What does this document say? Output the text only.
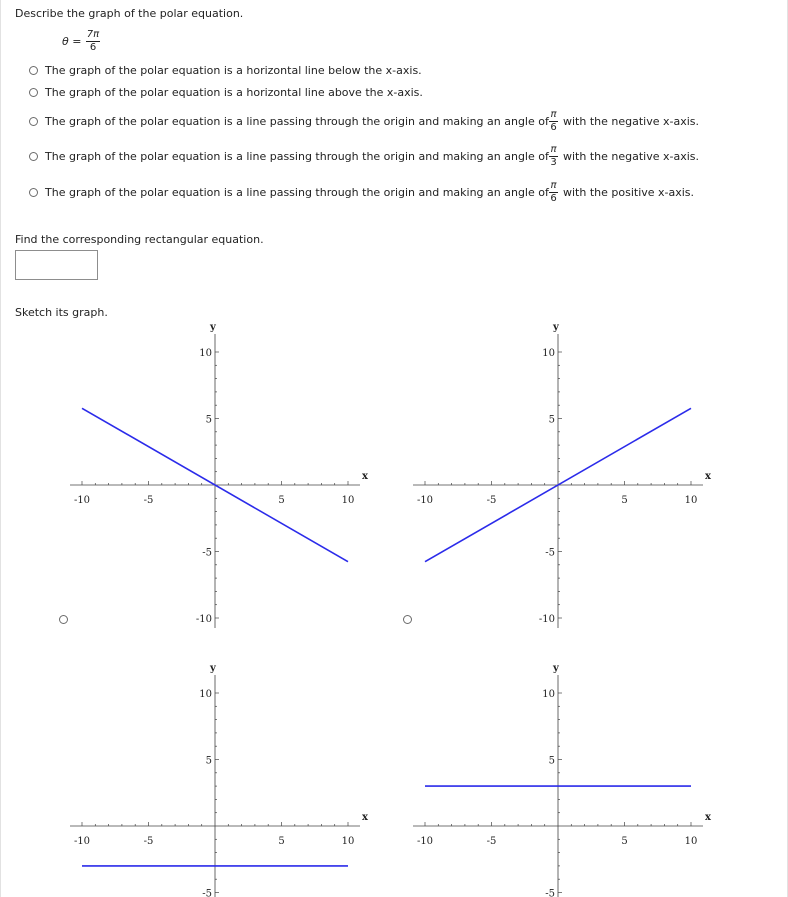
Describe the graph of the polar equation.
θ =
7π
6
The graph of the polar equation is a horizontal line below the x-axis.
The graph of the polar equation is a horizontal line above the x-axis.
The graph of the polar equation is a line passing through the origin and making an angle of
π
6 with the negative x-axis.
The graph of the polar equation is a line passing through the origin and making an angle of
π
3 with the negative x-axis.
The graph of the polar equation is a line passing through the origin and making an angle of
π
6 with the positive x-axis.
Find the corresponding rectangular equation.
Sketch its graph.
-10	-5	5	10
10
5
-5
-10
x
y
-10	-5	5	10
10
5
-5
-10
x
y
-10	-5	5	10
10
5
-5
x
y
-10	-5	5	10
10
5
-5
x
y
